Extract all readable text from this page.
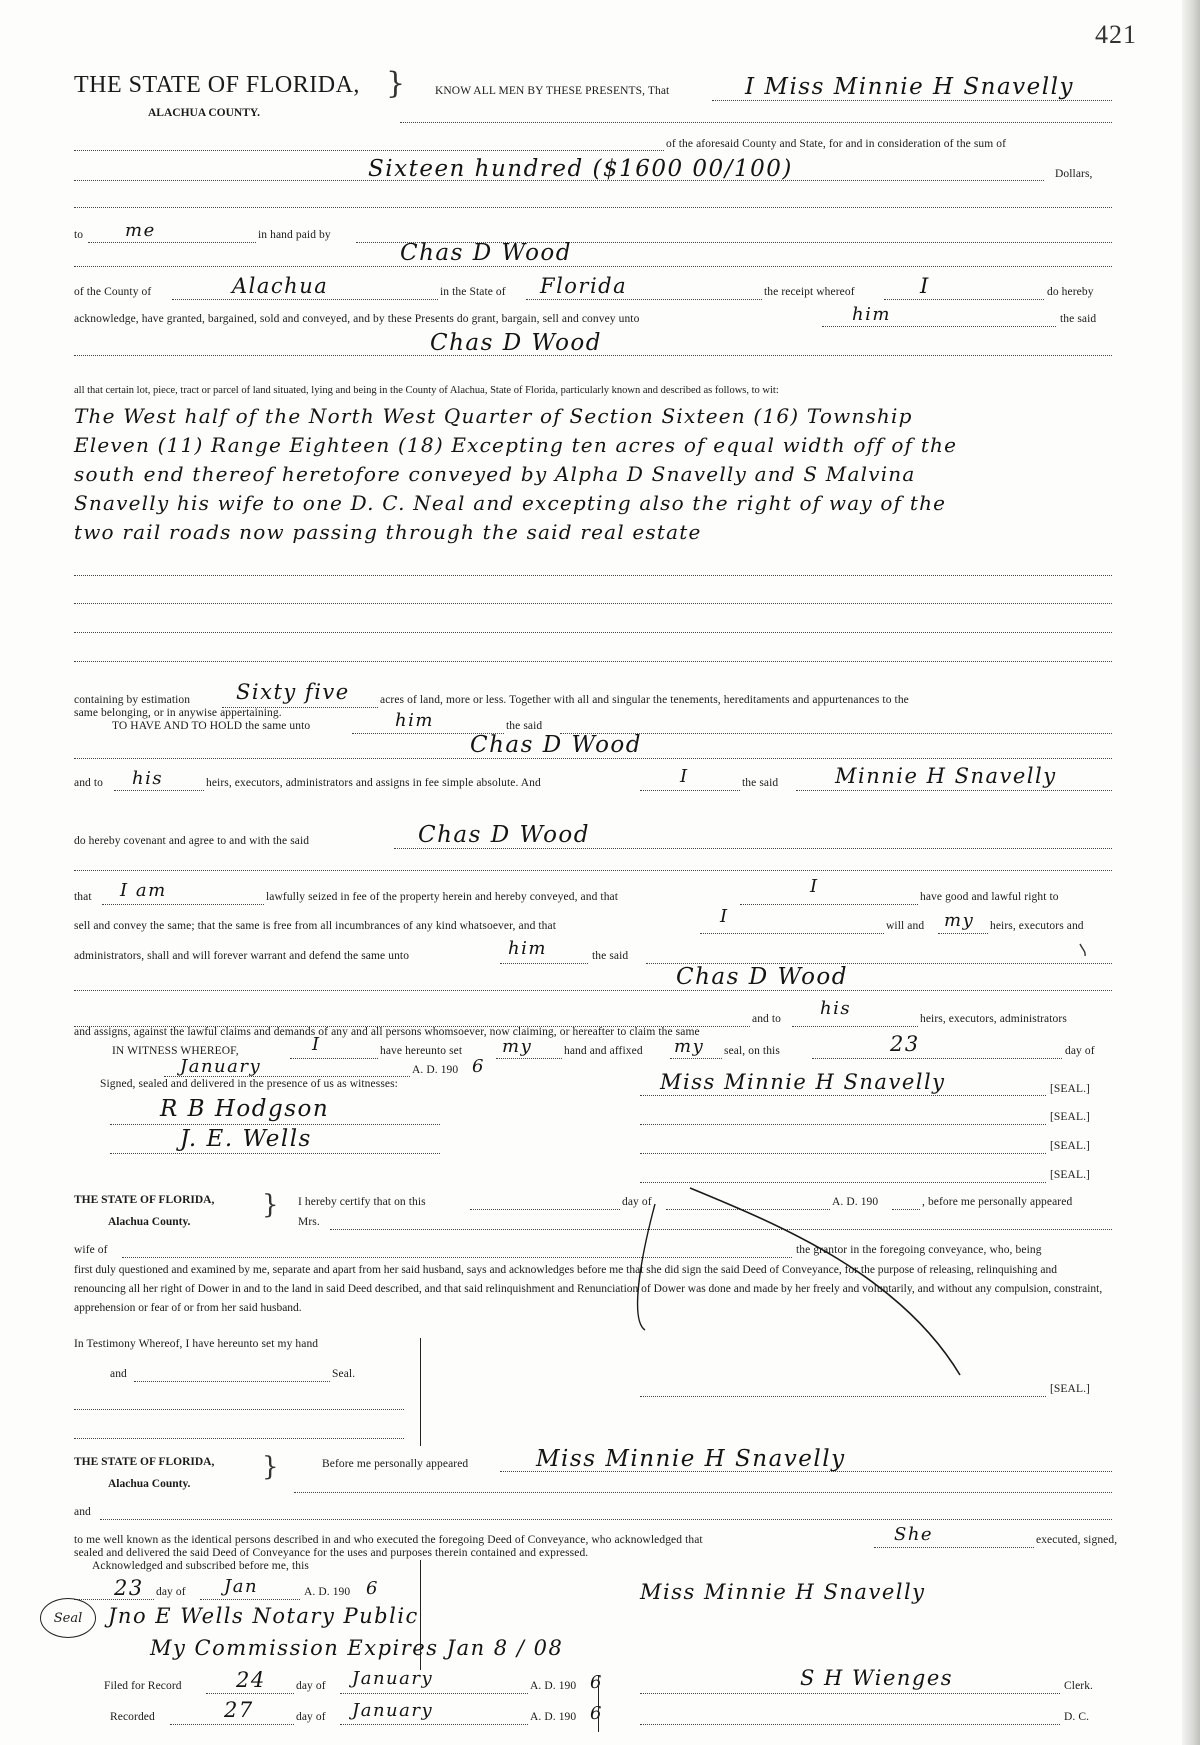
421
THE STATE OF FLORIDA, }
ALACHUA COUNTY.
KNOW ALL MEN BY THESE PRESENTS, That	I Miss Minnie H Snavelly
of the aforesaid County and State, for and in consideration of the sum of
Sixteen hundred ($1600 00/100)	Dollars,
to me	in hand paid by
Chas D Wood
of the County of	Alachua	in the State of Florida	the receipt whereof	I	do hereby
acknowledge, have granted, bargained, sold and conveyed, and by these Presents do grant, bargain, sell and convey unto	him	the said
Chas D Wood
all that certain lot, piece, tract or parcel of land situated, lying and being in the County of Alachua, State of Florida, particularly known and described as follows, to wit:
The West half of the North West Quarter of Section Sixteen (16) Township
Eleven (11) Range Eighteen (18) Excepting ten acres of equal width off of the
south end thereof heretofore conveyed by Alpha D Snavelly and S Malvina
Snavelly his wife to one D. C. Neal and excepting also the right of way of the
two rail roads now passing through the said real estate
containing by estimation Sixty five	acres of land, more or less. Together with all and singular the tenements, hereditaments and appurtenances to the
same belonging, or in anywise appertaining.
TO HAVE AND TO HOLD the same unto	him	the said
Chas D Wood
and to his	heirs, executors, administrators and assigns in fee simple absolute. And	I	the said	Minnie H Snavelly
do hereby covenant and agree to and with the said	Chas D Wood
that I am	lawfully seized in fee of the property herein and hereby conveyed, and that	I	have good and lawful right to
sell and convey the same; that the same is free from all incumbrances of any kind whatsoever, and that	I	will and my heirs, executors and
administrators, shall and will forever warrant and defend the same unto	him	the said
Chas D Wood
and to his	heirs, executors, administrators
and assigns, against the lawful claims and demands of any and all persons whomsoever, now claiming, or hereafter to claim the same
IN WITNESS WHEREOF,	I	have hereunto set my	hand and affixed my seal, on this	23	day of
January	A. D. 190 6
Signed, sealed and delivered in the presence of us as witnesses:	Miss Minnie H Snavelly	[SEAL.]
R B Hodgson	[SEAL.]
J. E. Wells	[SEAL.]
[SEAL.]
THE STATE OF FLORIDA,
Alachua County.
} I hereby certify that on this	day of	A. D. 190	, before me personally appeared
Mrs.
wife of	the grantor in the foregoing conveyance, who, being
first duly questioned and examined by me, separate and apart from her said husband, says and acknowledges before me that she did sign the said Deed of Conveyance, for the purpose of releasing, relinquishing and renouncing all her right of Dower in and to the land in said Deed described, and that said relinquishment and Renunciation of Dower was done and made by her freely and voluntarily, and without any compulsion, constraint, apprehension or fear of or from her said husband.
In Testimony Whereof, I have hereunto set my hand
and	Seal.
[SEAL.]
THE STATE OF FLORIDA,
Alachua County.
}	Before me personally appeared	Miss Minnie H Snavelly
and
to me well known as the identical persons described in and who executed the foregoing Deed of Conveyance, who acknowledged that	She	executed, signed,
sealed and delivered the said Deed of Conveyance for the uses and purposes therein contained and expressed.
Acknowledged and subscribed before me, this
23 day of Jan	A. D. 190 6
Seal Jno E Wells Notary Public
My Commission Expires Jan 8 / 08
Miss Minnie H Snavelly
Filed for Record	24	day of January	A. D. 190 6
Recorded	27	day of January	A. D. 190 6
S H Wienges	Clerk.
D. C.
